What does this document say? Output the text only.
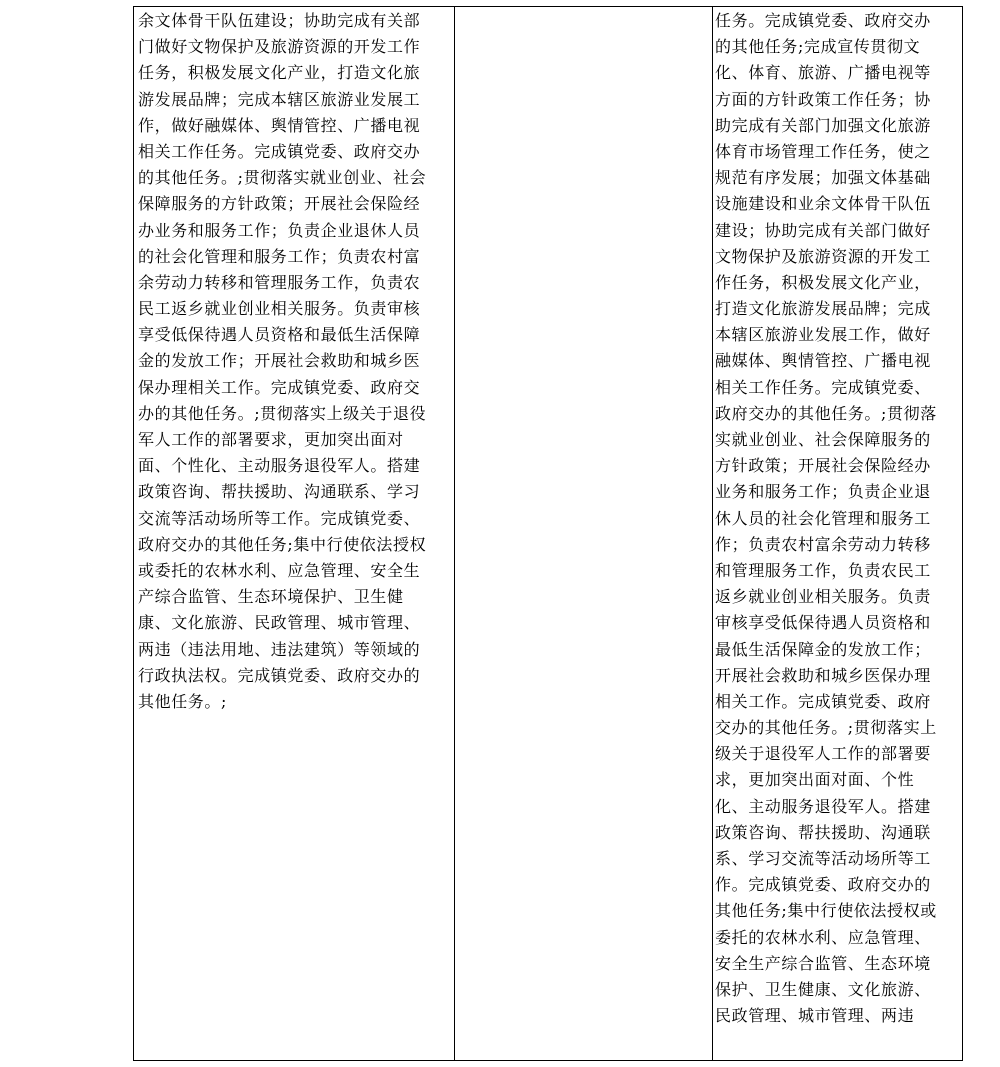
余文体骨干队伍建设；协助完成有关部
门做好文物保护及旅游资源的开发工作
任务，积极发展文化产业，打造文化旅
游发展品牌；完成本辖区旅游业发展工
作，做好融媒体、舆情管控、广播电视
相关工作任务。完成镇党委、政府交办
的其他任务。;贯彻落实就业创业、社会
保障服务的方针政策；开展社会保险经
办业务和服务工作；负责企业退休人员
的社会化管理和服务工作；负责农村富
余劳动力转移和管理服务工作，负责农
民工返乡就业创业相关服务。负责审核
享受低保待遇人员资格和最低生活保障
金的发放工作；开展社会救助和城乡医
保办理相关工作。完成镇党委、政府交
办的其他任务。;贯彻落实上级关于退役
军人工作的部署要求，更加突出面对
面、个性化、主动服务退役军人。搭建
政策咨询、帮扶援助、沟通联系、学习
交流等活动场所等工作。完成镇党委、
政府交办的其他任务;集中行使依法授权
或委托的农林水利、应急管理、安全生
产综合监管、生态环境保护、卫生健
康、文化旅游、民政管理、城市管理、
两违（违法用地、违法建筑）等领域的
行政执法权。完成镇党委、政府交办的
其他任务。;
任务。完成镇党委、政府交办
的其他任务;完成宣传贯彻文
化、体育、旅游、广播电视等
方面的方针政策工作任务；协
助完成有关部门加强文化旅游
体育市场管理工作任务，使之
规范有序发展；加强文体基础
设施建设和业余文体骨干队伍
建设；协助完成有关部门做好
文物保护及旅游资源的开发工
作任务，积极发展文化产业，
打造文化旅游发展品牌；完成
本辖区旅游业发展工作，做好
融媒体、舆情管控、广播电视
相关工作任务。完成镇党委、
政府交办的其他任务。;贯彻落
实就业创业、社会保障服务的
方针政策；开展社会保险经办
业务和服务工作；负责企业退
休人员的社会化管理和服务工
作；负责农村富余劳动力转移
和管理服务工作，负责农民工
返乡就业创业相关服务。负责
审核享受低保待遇人员资格和
最低生活保障金的发放工作；
开展社会救助和城乡医保办理
相关工作。完成镇党委、政府
交办的其他任务。;贯彻落实上
级关于退役军人工作的部署要
求，更加突出面对面、个性
化、主动服务退役军人。搭建
政策咨询、帮扶援助、沟通联
系、学习交流等活动场所等工
作。完成镇党委、政府交办的
其他任务;集中行使依法授权或
委托的农林水利、应急管理、
安全生产综合监管、生态环境
保护、卫生健康、文化旅游、
民政管理、城市管理、两违
